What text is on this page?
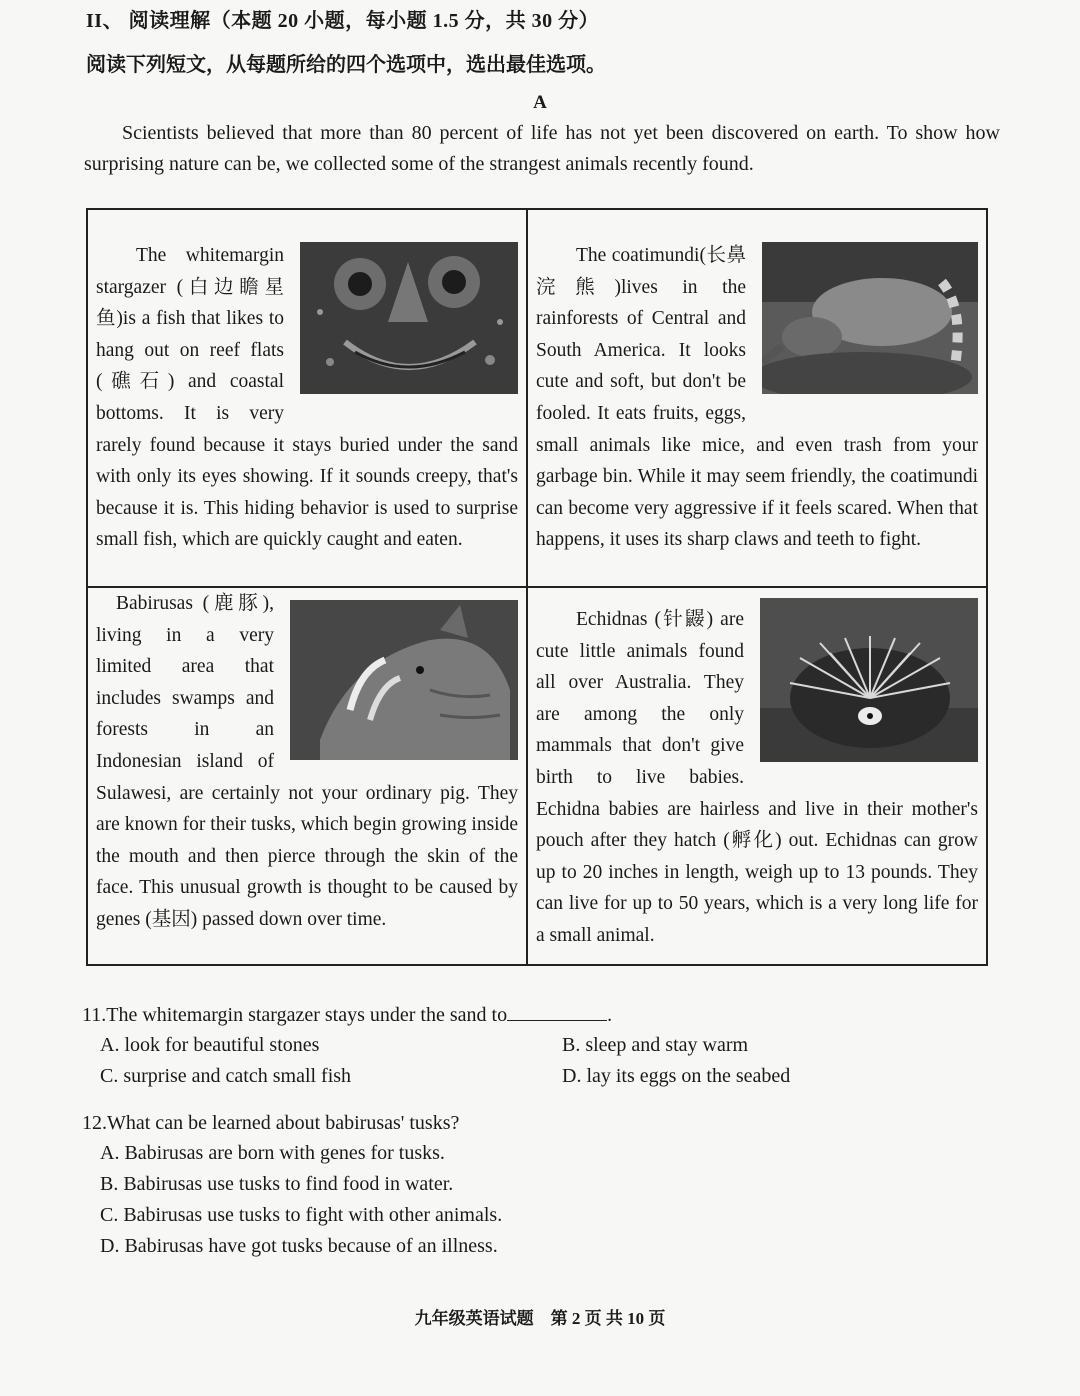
II、 阅读理解（本题 20 小题，每小题 1.5 分，共 30 分）
阅读下列短文，从每题所给的四个选项中，选出最佳选项。
A
Scientists believed that more than 80 percent of life has not yet been discovered on earth. To show how surprising nature can be, we collected some of the strangest animals recently found.

The whitemargin stargazer (白边瞻星鱼)is a fish that likes to hang out on reef flats (礁石) and coastal bottoms. It is very rarely found because it stays buried under the sand with only its eyes showing. If it sounds creepy, that's because it is. This hiding behavior is used to surprise small fish, which are quickly caught and eaten.

The coatimundi(长鼻浣熊)lives in the rainforests of Central and South America. It looks cute and soft, but don't be fooled. It eats fruits, eggs, small animals like mice, and even trash from your garbage bin. While it may seem friendly, the coatimundi can become very aggressive if it feels scared. When that happens, it uses its sharp claws and teeth to fight.

Babirusas (鹿豚), living in a very limited area that includes swamps and forests in an Indonesian island of Sulawesi, are certainly not your ordinary pig. They are known for their tusks, which begin growing inside the mouth and then pierce through the skin of the face. This unusual growth is thought to be caused by genes (基因) passed down over time.

Echidnas (针鼹) are cute little animals found all over Australia. They are among the only mammals that don't give birth to live babies. Echidna babies are hairless and live in their mother's pouch after they hatch (孵化) out. Echidnas can grow up to 20 inches in length, weigh up to 13 pounds. They can live for up to 50 years, which is a very long life for a small animal.

11.The whitemargin stargazer stays under the sand to	.
A. look for beautiful stones	B. sleep and stay warm
C. surprise and catch small fish	D. lay its eggs on the seabed
12.What can be learned about babirusas' tusks?
A. Babirusas are born with genes for tusks.
B. Babirusas use tusks to find food in water.
C. Babirusas use tusks to fight with other animals.
D. Babirusas have got tusks because of an illness.
九年级英语试题　第 2 页 共 10 页
